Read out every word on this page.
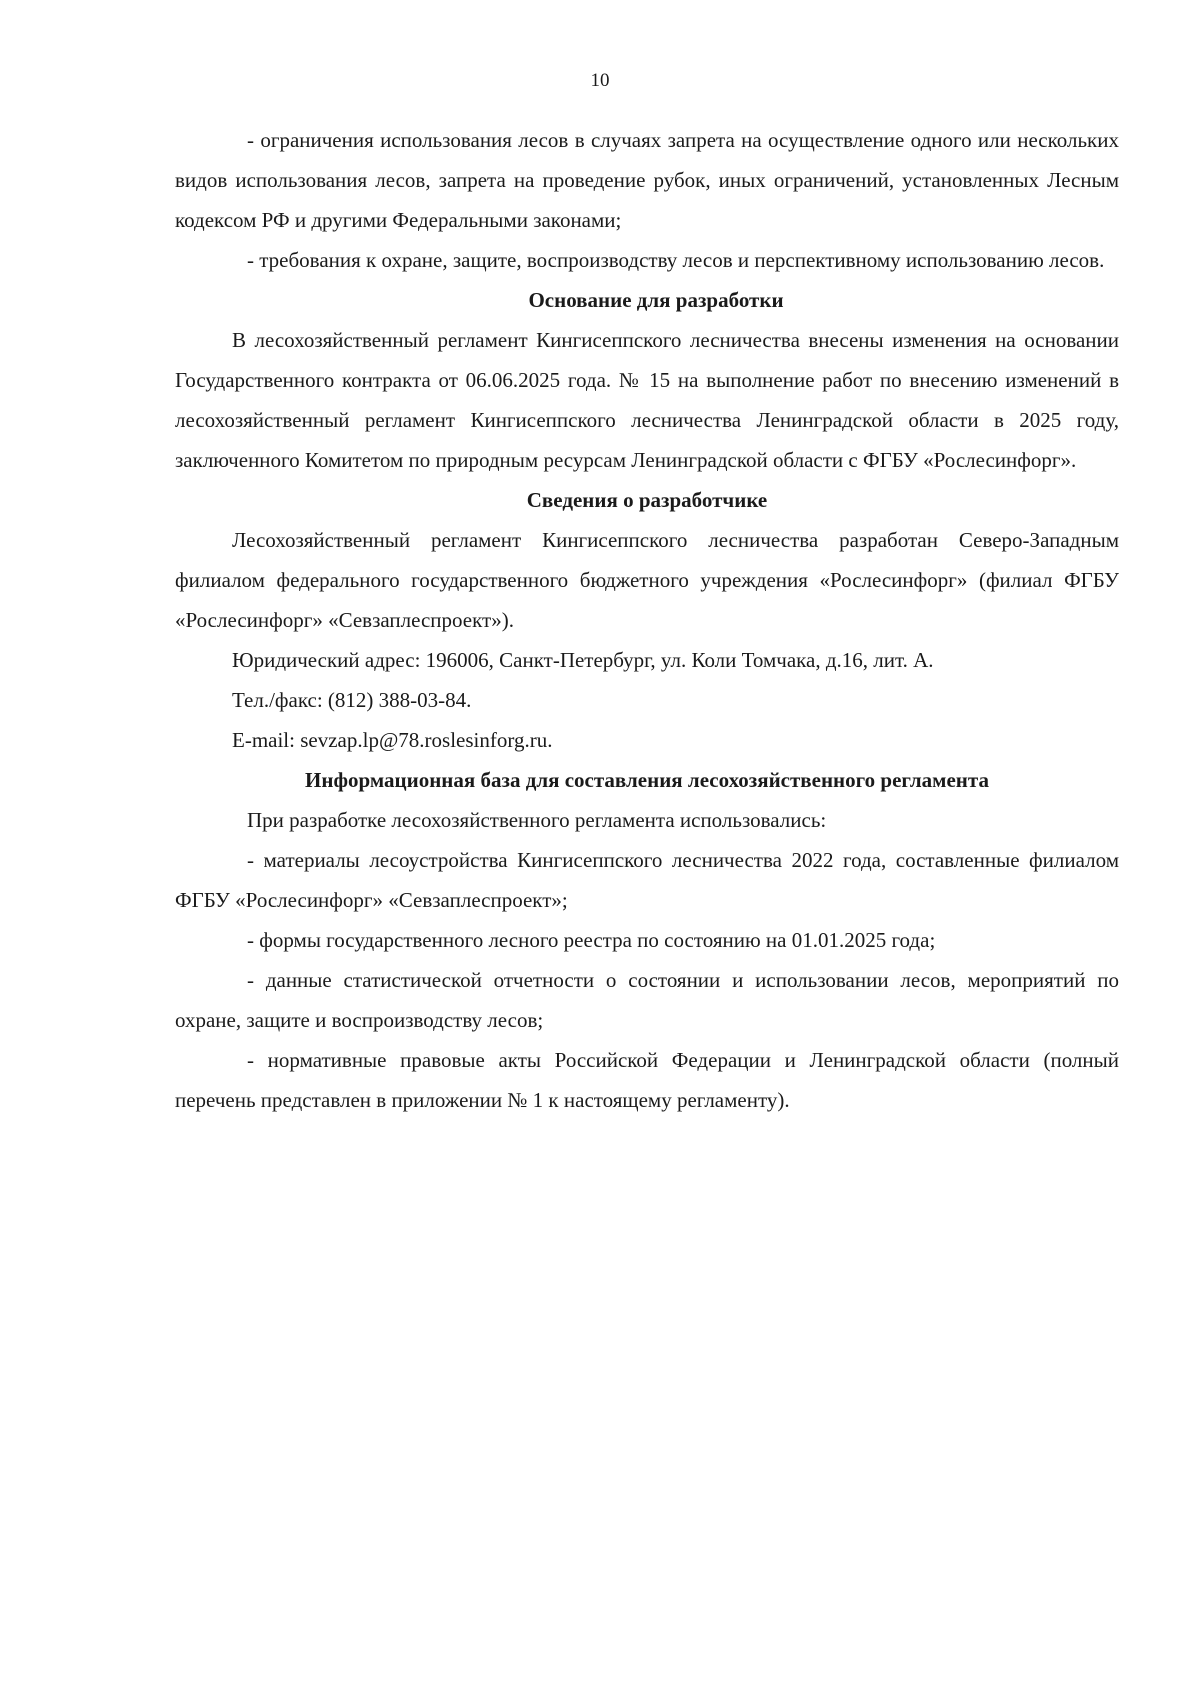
10

- ограничения использования лесов в случаях запрета на осуществление одного или нескольких видов использования лесов, запрета на проведение рубок, иных ограничений, установленных Лесным кодексом РФ и другими Федеральными законами;

- требования к охране, защите, воспроизводству лесов и перспективному использованию лесов.

Основание для разработки

В лесохозяйственный регламент Кингисеппского лесничества внесены изменения на основании Государственного контракта от 06.06.2025 года. № 15 на выполнение работ по внесению изменений в лесохозяйственный регламент Кингисеппского лесничества Ленинградской области в 2025 году, заключенного Комитетом по природным ресурсам Ленинградской области с ФГБУ «Рослесинфорг».

Сведения о разработчике

Лесохозяйственный регламент Кингисеппского лесничества разработан Северо-Западным филиалом федерального государственного бюджетного учреждения «Рослесинфорг» (филиал ФГБУ «Рослесинфорг» «Севзаплеспроект»).

Юридический адрес: 196006, Санкт-Петербург, ул. Коли Томчака, д.16, лит. А.

Тел./факс: (812) 388-03-84.

E-mail: sevzap.lp@78.roslesinforg.ru.

Информационная база для составления лесохозяйственного регламента

При разработке лесохозяйственного регламента использовались:

- материалы лесоустройства Кингисеппского лесничества 2022 года, составленные филиалом ФГБУ «Рослесинфорг» «Севзаплеспроект»;

- формы государственного лесного реестра по состоянию на 01.01.2025 года;

- данные статистической отчетности о состоянии и использовании лесов, мероприятий по охране, защите и воспроизводству лесов;

- нормативные правовые акты Российской Федерации и Ленинградской области (полный перечень представлен в приложении № 1 к настоящему регламенту).
